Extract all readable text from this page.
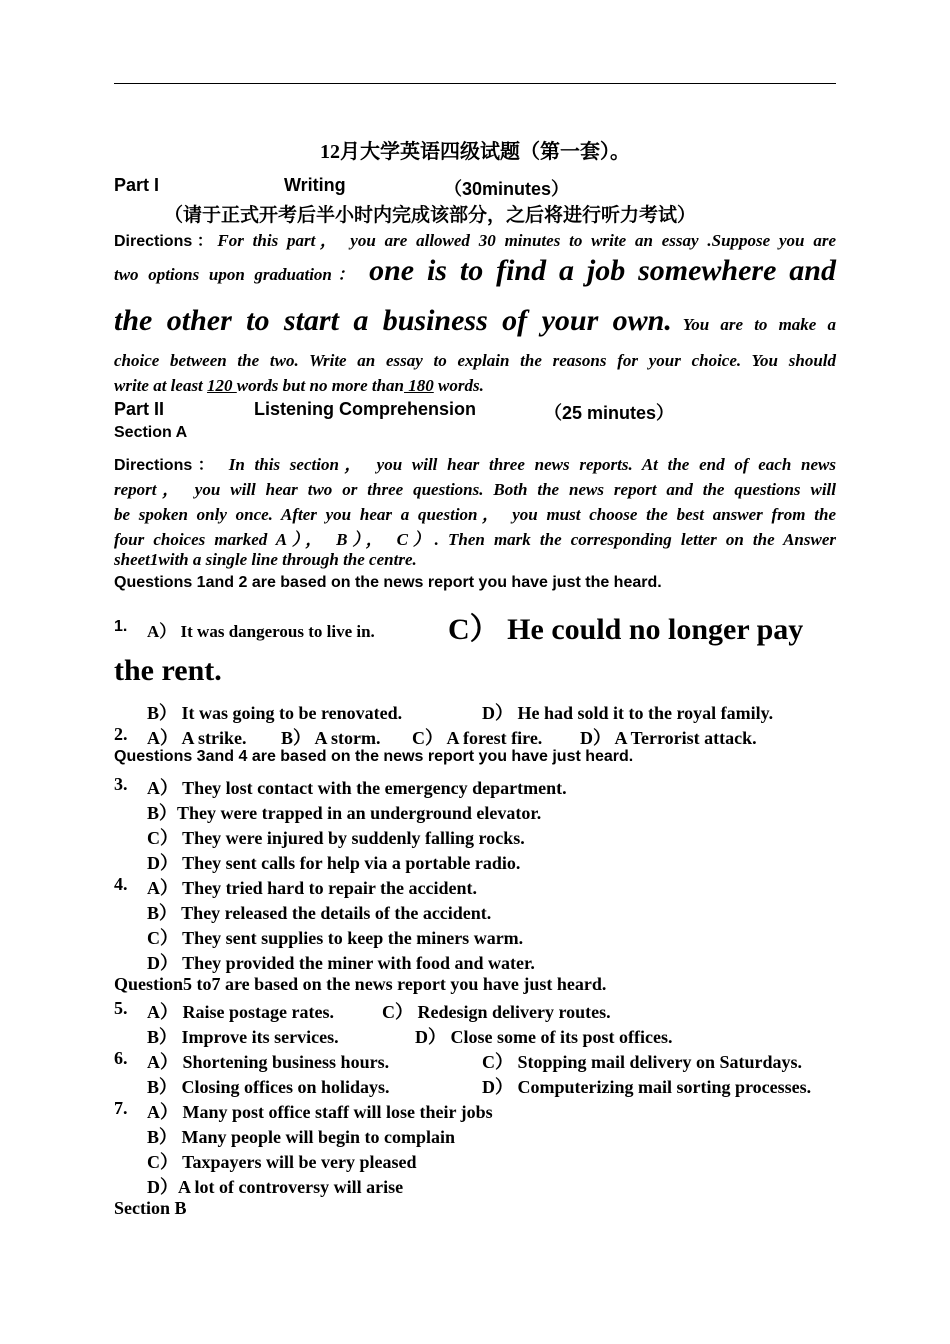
12月大学英语四级试题（第一套）。
Part I	Writing	（30minutes）
（请于正式开考后半小时内完成该部分，之后将进行听力考试）
Directions：For this part， you are allowed 30 minutes to write an essay .Suppose you are
two options upon graduation： one is to find a job somewhere and
the other to start a business of your own. You are to make a
choice between the two. Write an essay to explain the reasons for your choice. You should
write at least 120 words but no more than 180 words.
Part II	Listening Comprehension	（25 minutes）
Section A
Directions： In this section， you will hear three news reports. At the end of each news
report， you will hear two or three questions. Both the news report and the questions will
be spoken only once. After you hear a question， you must choose the best answer from the
four choices marked A）， B）， C）. Then mark the corresponding letter on the Answer
sheet1with a single line through the centre.
Questions 1and 2 are based on the news report you have just the heard.
1. A） It was dangerous to live in. C） He could no longer pay
the rent.
B） It was going to be renovated.	D） He had sold it to the royal family.
2. A） A strike. B） A storm. C） A forest fire. D） A Terrorist attack.
Questions 3and 4 are based on the news report you have just heard.
3. A） They lost contact with the emergency department.
B）They were trapped in an underground elevator.
C） They were injured by suddenly falling rocks.
D） They sent calls for help via a portable radio.
4. A） They tried hard to repair the accident.
B） They released the details of the accident.
C） They sent supplies to keep the miners warm.
D） They provided the miner with food and water.
Question5 to7 are based on the news report you have just heard.
5. A） Raise postage rates.	C） Redesign delivery routes.
B） Improve its services.	D） Close some of its post offices.
6. A） Shortening business hours.	C） Stopping mail delivery on Saturdays.
B） Closing offices on holidays.	D） Computerizing mail sorting processes.
7. A） Many post office staff will lose their jobs
B） Many people will begin to complain
C） Taxpayers will be very pleased
D）A lot of controversy will arise
Section B
